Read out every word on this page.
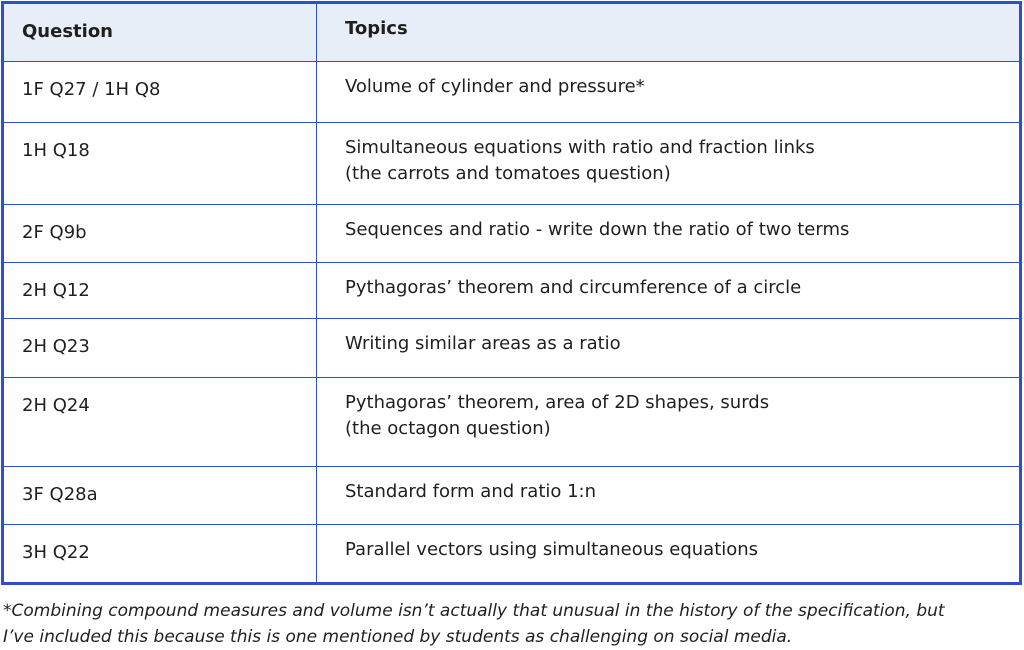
Question	Topics
1F Q27 / 1H Q8	Volume of cylinder and pressure*

1H Q18	Simultaneous equations with ratio and fraction links
(the carrots and tomatoes question)

2F Q9b	Sequences and ratio - write down the ratio of two terms

2H Q12	Pythagoras’ theorem and circumference of a circle

2H Q23	Writing similar areas as a ratio

2H Q24	Pythagoras’ theorem, area of 2D shapes, surds
(the octagon question)

3F Q28a	Standard form and ratio 1:n

3H Q22	Parallel vectors using simultaneous equations
*Combining compound measures and volume isn’t actually that unusual in the history of the specification, but
I’ve included this because this is one mentioned by students as challenging on social media.
